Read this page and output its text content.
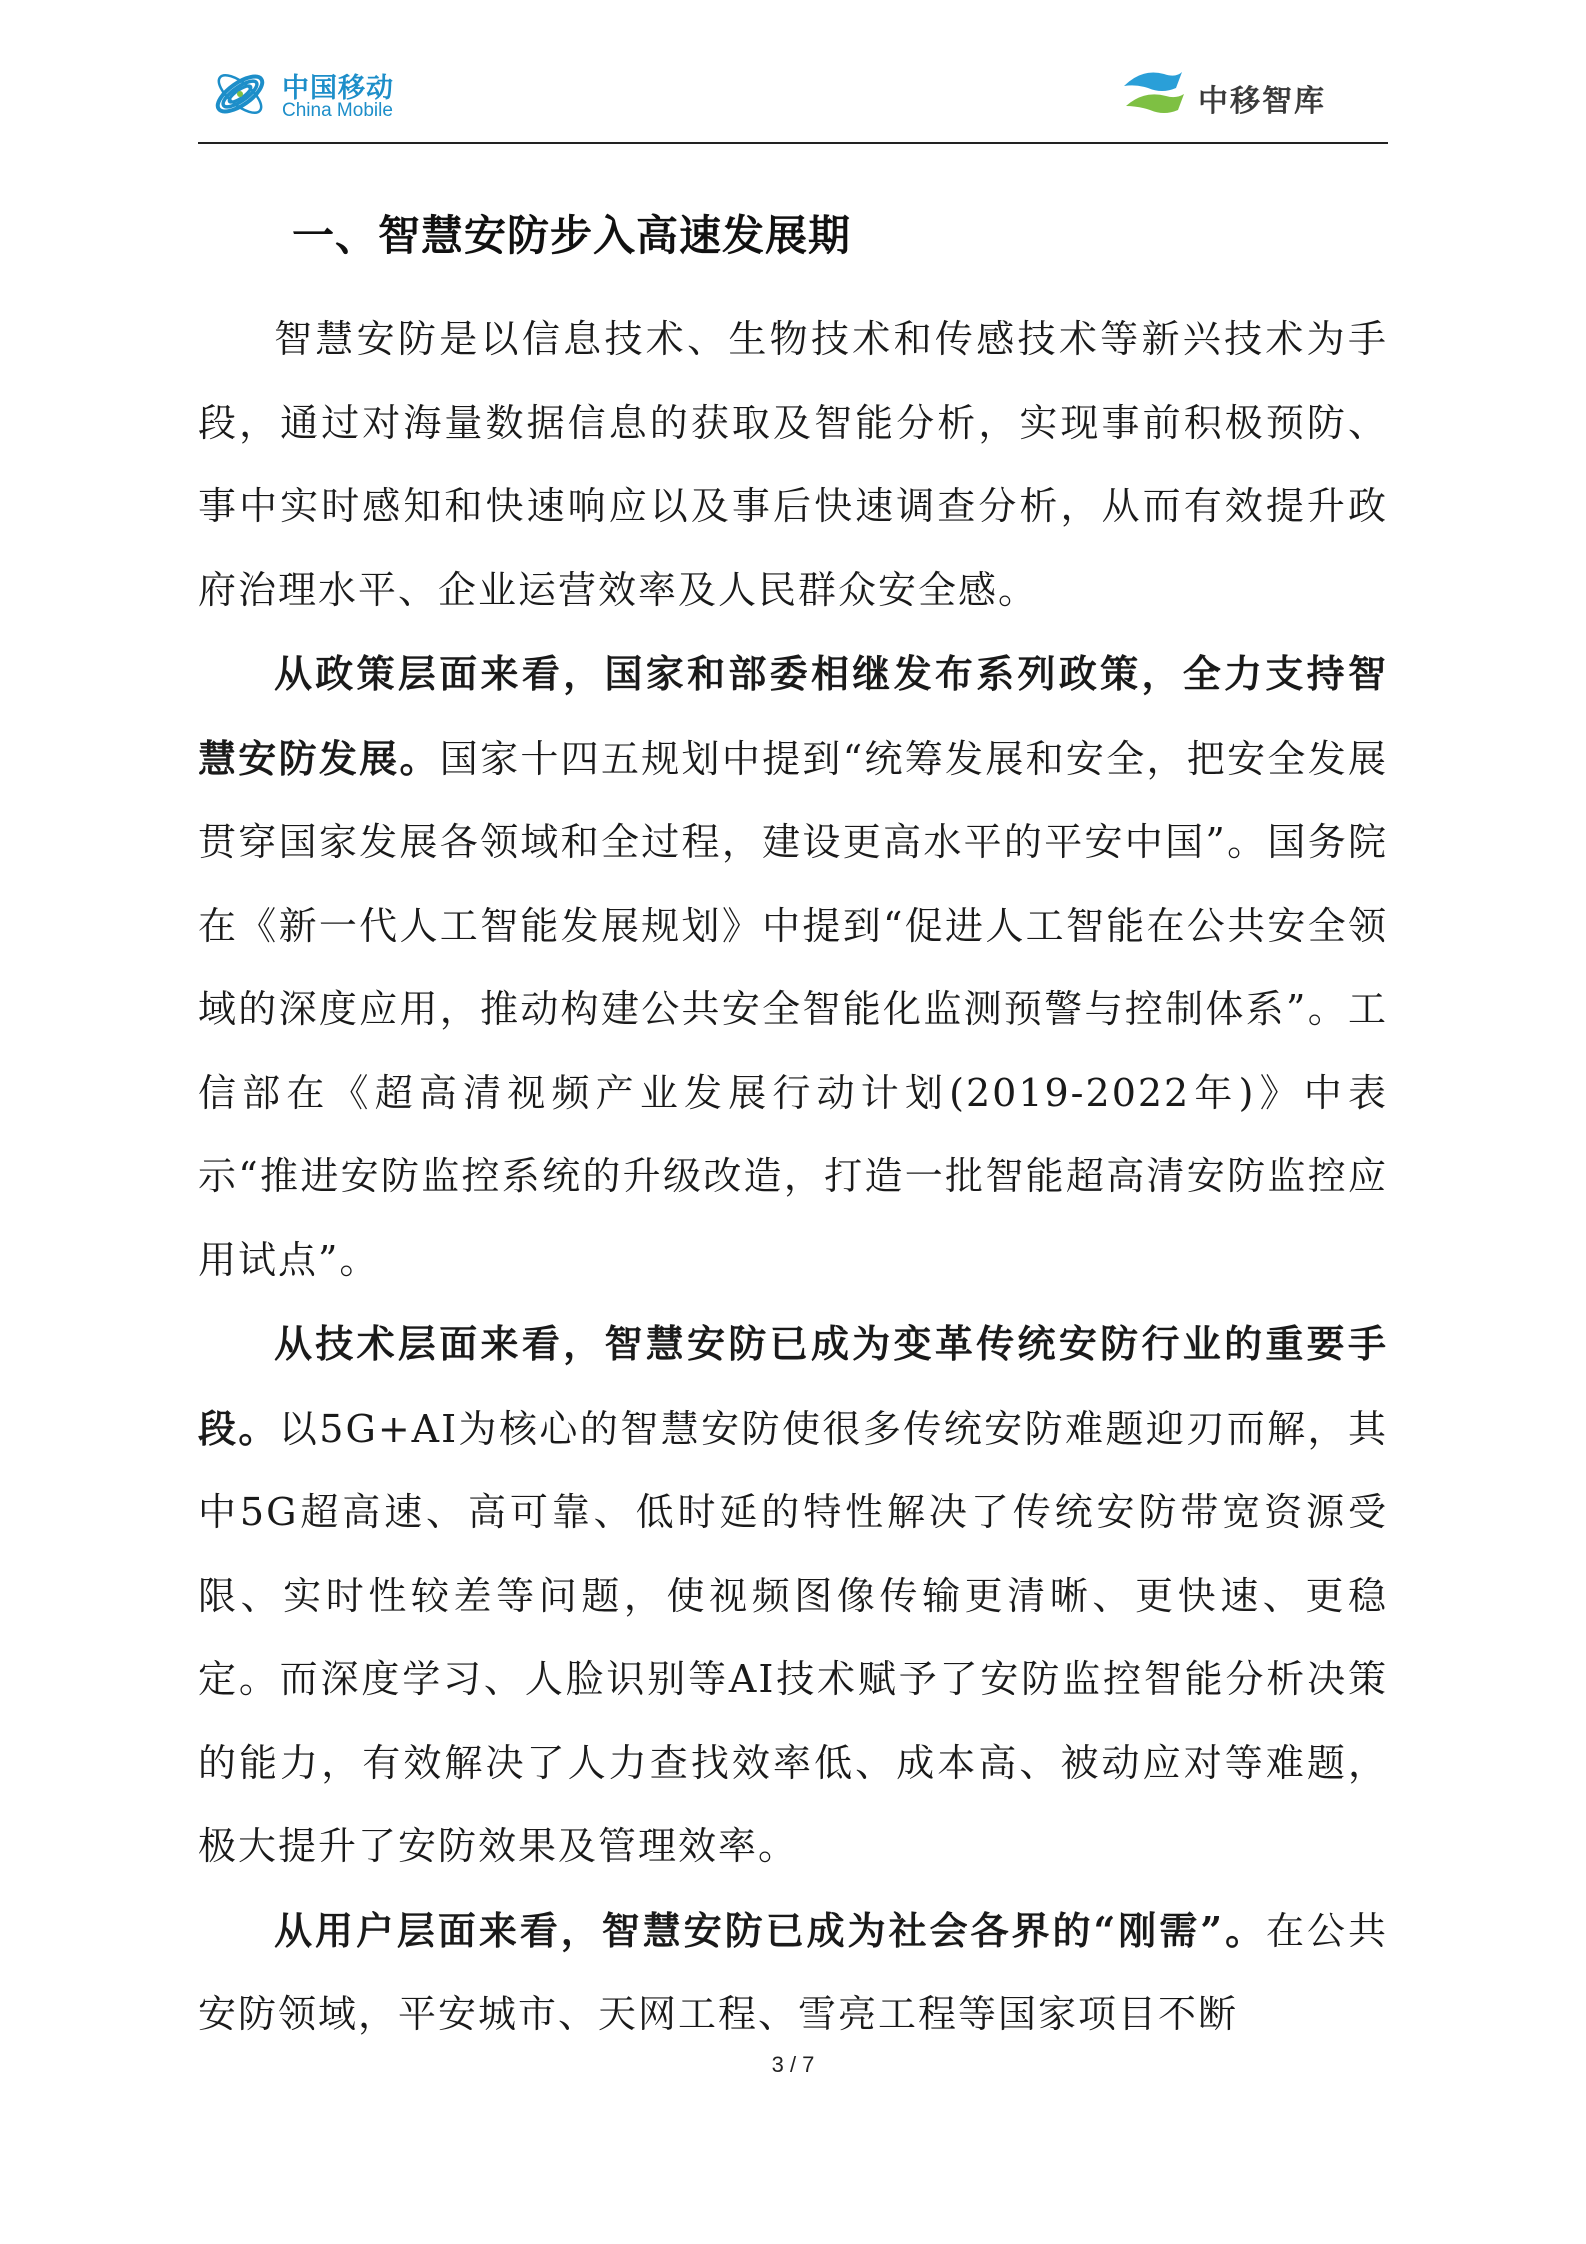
中国移动
China Mobile	中移智库
一、智慧安防步入高速发展期

智慧安防是以信息技术、生物技术和传感技术等新兴技术为手段，通过对海量数据信息的获取及智能分析，实现事前积极预防、事中实时感知和快速响应以及事后快速调查分析，从而有效提升政府治理水平、企业运营效率及人民群众安全感。

从政策层面来看，国家和部委相继发布系列政策，全力支持智慧安防发展。国家十四五规划中提到“统筹发展和安全，把安全发展贯穿国家发展各领域和全过程，建设更高水平的平安中国”。国务院在《新一代人工智能发展规划》中提到“促进人工智能在公共安全领域的深度应用，推动构建公共安全智能化监测预警与控制体系”。工信部在《超高清视频产业发展行动计划(2019-2022年)》中表示“推进安防监控系统的升级改造，打造一批智能超高清安防监控应用试点”。

从技术层面来看，智慧安防已成为变革传统安防行业的重要手段。以5G+AI为核心的智慧安防使很多传统安防难题迎刃而解，其中5G超高速、高可靠、低时延的特性解决了传统安防带宽资源受限、实时性较差等问题，使视频图像传输更清晰、更快速、更稳定。而深度学习、人脸识别等AI技术赋予了安防监控智能分析决策的能力，有效解决了人力查找效率低、成本高、被动应对等难题，极大提升了安防效果及管理效率。

从用户层面来看，智慧安防已成为社会各界的“刚需”。在公共安防领域，平安城市、天网工程、雪亮工程等国家项目不断

3 / 7
